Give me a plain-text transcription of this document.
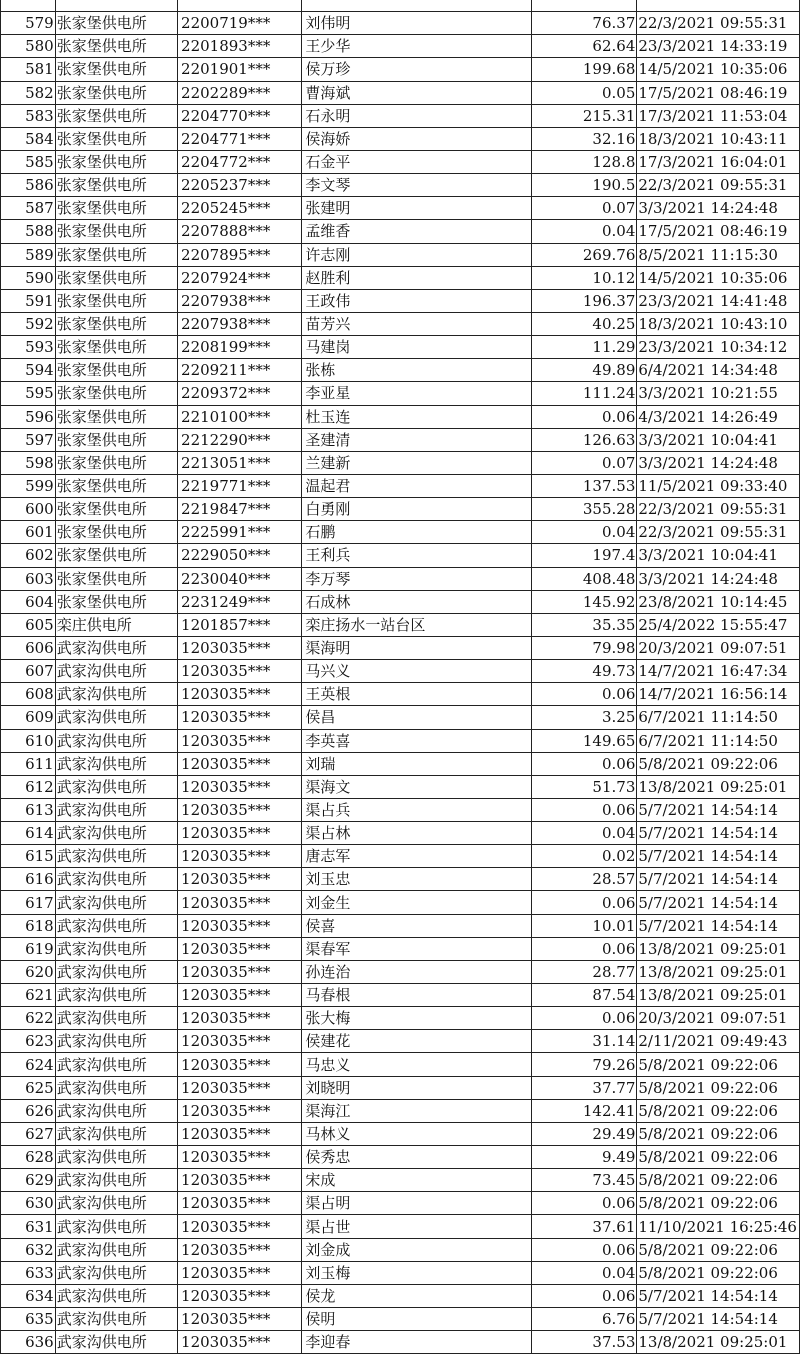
579	张家堡供电所	2200719***	刘伟明	76.37	22/3/2021 09:55:31
580	张家堡供电所	2201893***	王少华	62.64	23/3/2021 14:33:19
581	张家堡供电所	2201901***	侯万珍	199.68	14/5/2021 10:35:06
582	张家堡供电所	2202289***	曹海斌	0.05	17/5/2021 08:46:19
583	张家堡供电所	2204770***	石永明	215.31	17/3/2021 11:53:04
584	张家堡供电所	2204771***	侯海娇	32.16	18/3/2021 10:43:11
585	张家堡供电所	2204772***	石金平	128.8	17/3/2021 16:04:01
586	张家堡供电所	2205237***	李文琴	190.5	22/3/2021 09:55:31
587	张家堡供电所	2205245***	张建明	0.07	3/3/2021 14:24:48
588	张家堡供电所	2207888***	孟维香	0.04	17/5/2021 08:46:19
589	张家堡供电所	2207895***	许志刚	269.76	8/5/2021 11:15:30
590	张家堡供电所	2207924***	赵胜利	10.12	14/5/2021 10:35:06
591	张家堡供电所	2207938***	王政伟	196.37	23/3/2021 14:41:48
592	张家堡供电所	2207938***	苗芳兴	40.25	18/3/2021 10:43:10
593	张家堡供电所	2208199***	马建岗	11.29	23/3/2021 10:34:12
594	张家堡供电所	2209211***	张栋	49.89	6/4/2021 14:34:48
595	张家堡供电所	2209372***	李亚星	111.24	3/3/2021 10:21:55
596	张家堡供电所	2210100***	杜玉连	0.06	4/3/2021 14:26:49
597	张家堡供电所	2212290***	圣建清	126.63	3/3/2021 10:04:41
598	张家堡供电所	2213051***	兰建新	0.07	3/3/2021 14:24:48
599	张家堡供电所	2219771***	温起君	137.53	11/5/2021 09:33:40
600	张家堡供电所	2219847***	白勇刚	355.28	22/3/2021 09:55:31
601	张家堡供电所	2225991***	石鹏	0.04	22/3/2021 09:55:31
602	张家堡供电所	2229050***	王利兵	197.4	3/3/2021 10:04:41
603	张家堡供电所	2230040***	李万琴	408.48	3/3/2021 14:24:48
604	张家堡供电所	2231249***	石成林	145.92	23/8/2021 10:14:45
605	栾庄供电所	1201857***	栾庄扬水一站台区	35.35	25/4/2022 15:55:47
606	武家沟供电所	1203035***	渠海明	79.98	20/3/2021 09:07:51
607	武家沟供电所	1203035***	马兴义	49.73	14/7/2021 16:47:34
608	武家沟供电所	1203035***	王英根	0.06	14/7/2021 16:56:14
609	武家沟供电所	1203035***	侯昌	3.25	6/7/2021 11:14:50
610	武家沟供电所	1203035***	李英喜	149.65	6/7/2021 11:14:50
611	武家沟供电所	1203035***	刘瑞	0.06	5/8/2021 09:22:06
612	武家沟供电所	1203035***	渠海文	51.73	13/8/2021 09:25:01
613	武家沟供电所	1203035***	渠占兵	0.06	5/7/2021 14:54:14
614	武家沟供电所	1203035***	渠占林	0.04	5/7/2021 14:54:14
615	武家沟供电所	1203035***	唐志军	0.02	5/7/2021 14:54:14
616	武家沟供电所	1203035***	刘玉忠	28.57	5/7/2021 14:54:14
617	武家沟供电所	1203035***	刘金生	0.06	5/7/2021 14:54:14
618	武家沟供电所	1203035***	侯喜	10.01	5/7/2021 14:54:14
619	武家沟供电所	1203035***	渠春军	0.06	13/8/2021 09:25:01
620	武家沟供电所	1203035***	孙连治	28.77	13/8/2021 09:25:01
621	武家沟供电所	1203035***	马春根	87.54	13/8/2021 09:25:01
622	武家沟供电所	1203035***	张大梅	0.06	20/3/2021 09:07:51
623	武家沟供电所	1203035***	侯建花	31.14	2/11/2021 09:49:43
624	武家沟供电所	1203035***	马忠义	79.26	5/8/2021 09:22:06
625	武家沟供电所	1203035***	刘晓明	37.77	5/8/2021 09:22:06
626	武家沟供电所	1203035***	渠海江	142.41	5/8/2021 09:22:06
627	武家沟供电所	1203035***	马林义	29.49	5/8/2021 09:22:06
628	武家沟供电所	1203035***	侯秀忠	9.49	5/8/2021 09:22:06
629	武家沟供电所	1203035***	宋成	73.45	5/8/2021 09:22:06
630	武家沟供电所	1203035***	渠占明	0.06	5/8/2021 09:22:06
631	武家沟供电所	1203035***	渠占世	37.61	11/10/2021 16:25:46
632	武家沟供电所	1203035***	刘金成	0.06	5/8/2021 09:22:06
633	武家沟供电所	1203035***	刘玉梅	0.04	5/8/2021 09:22:06
634	武家沟供电所	1203035***	侯龙	0.06	5/7/2021 14:54:14
635	武家沟供电所	1203035***	侯明	6.76	5/7/2021 14:54:14
636	武家沟供电所	1203035***	李迎春	37.53	13/8/2021 09:25:01
